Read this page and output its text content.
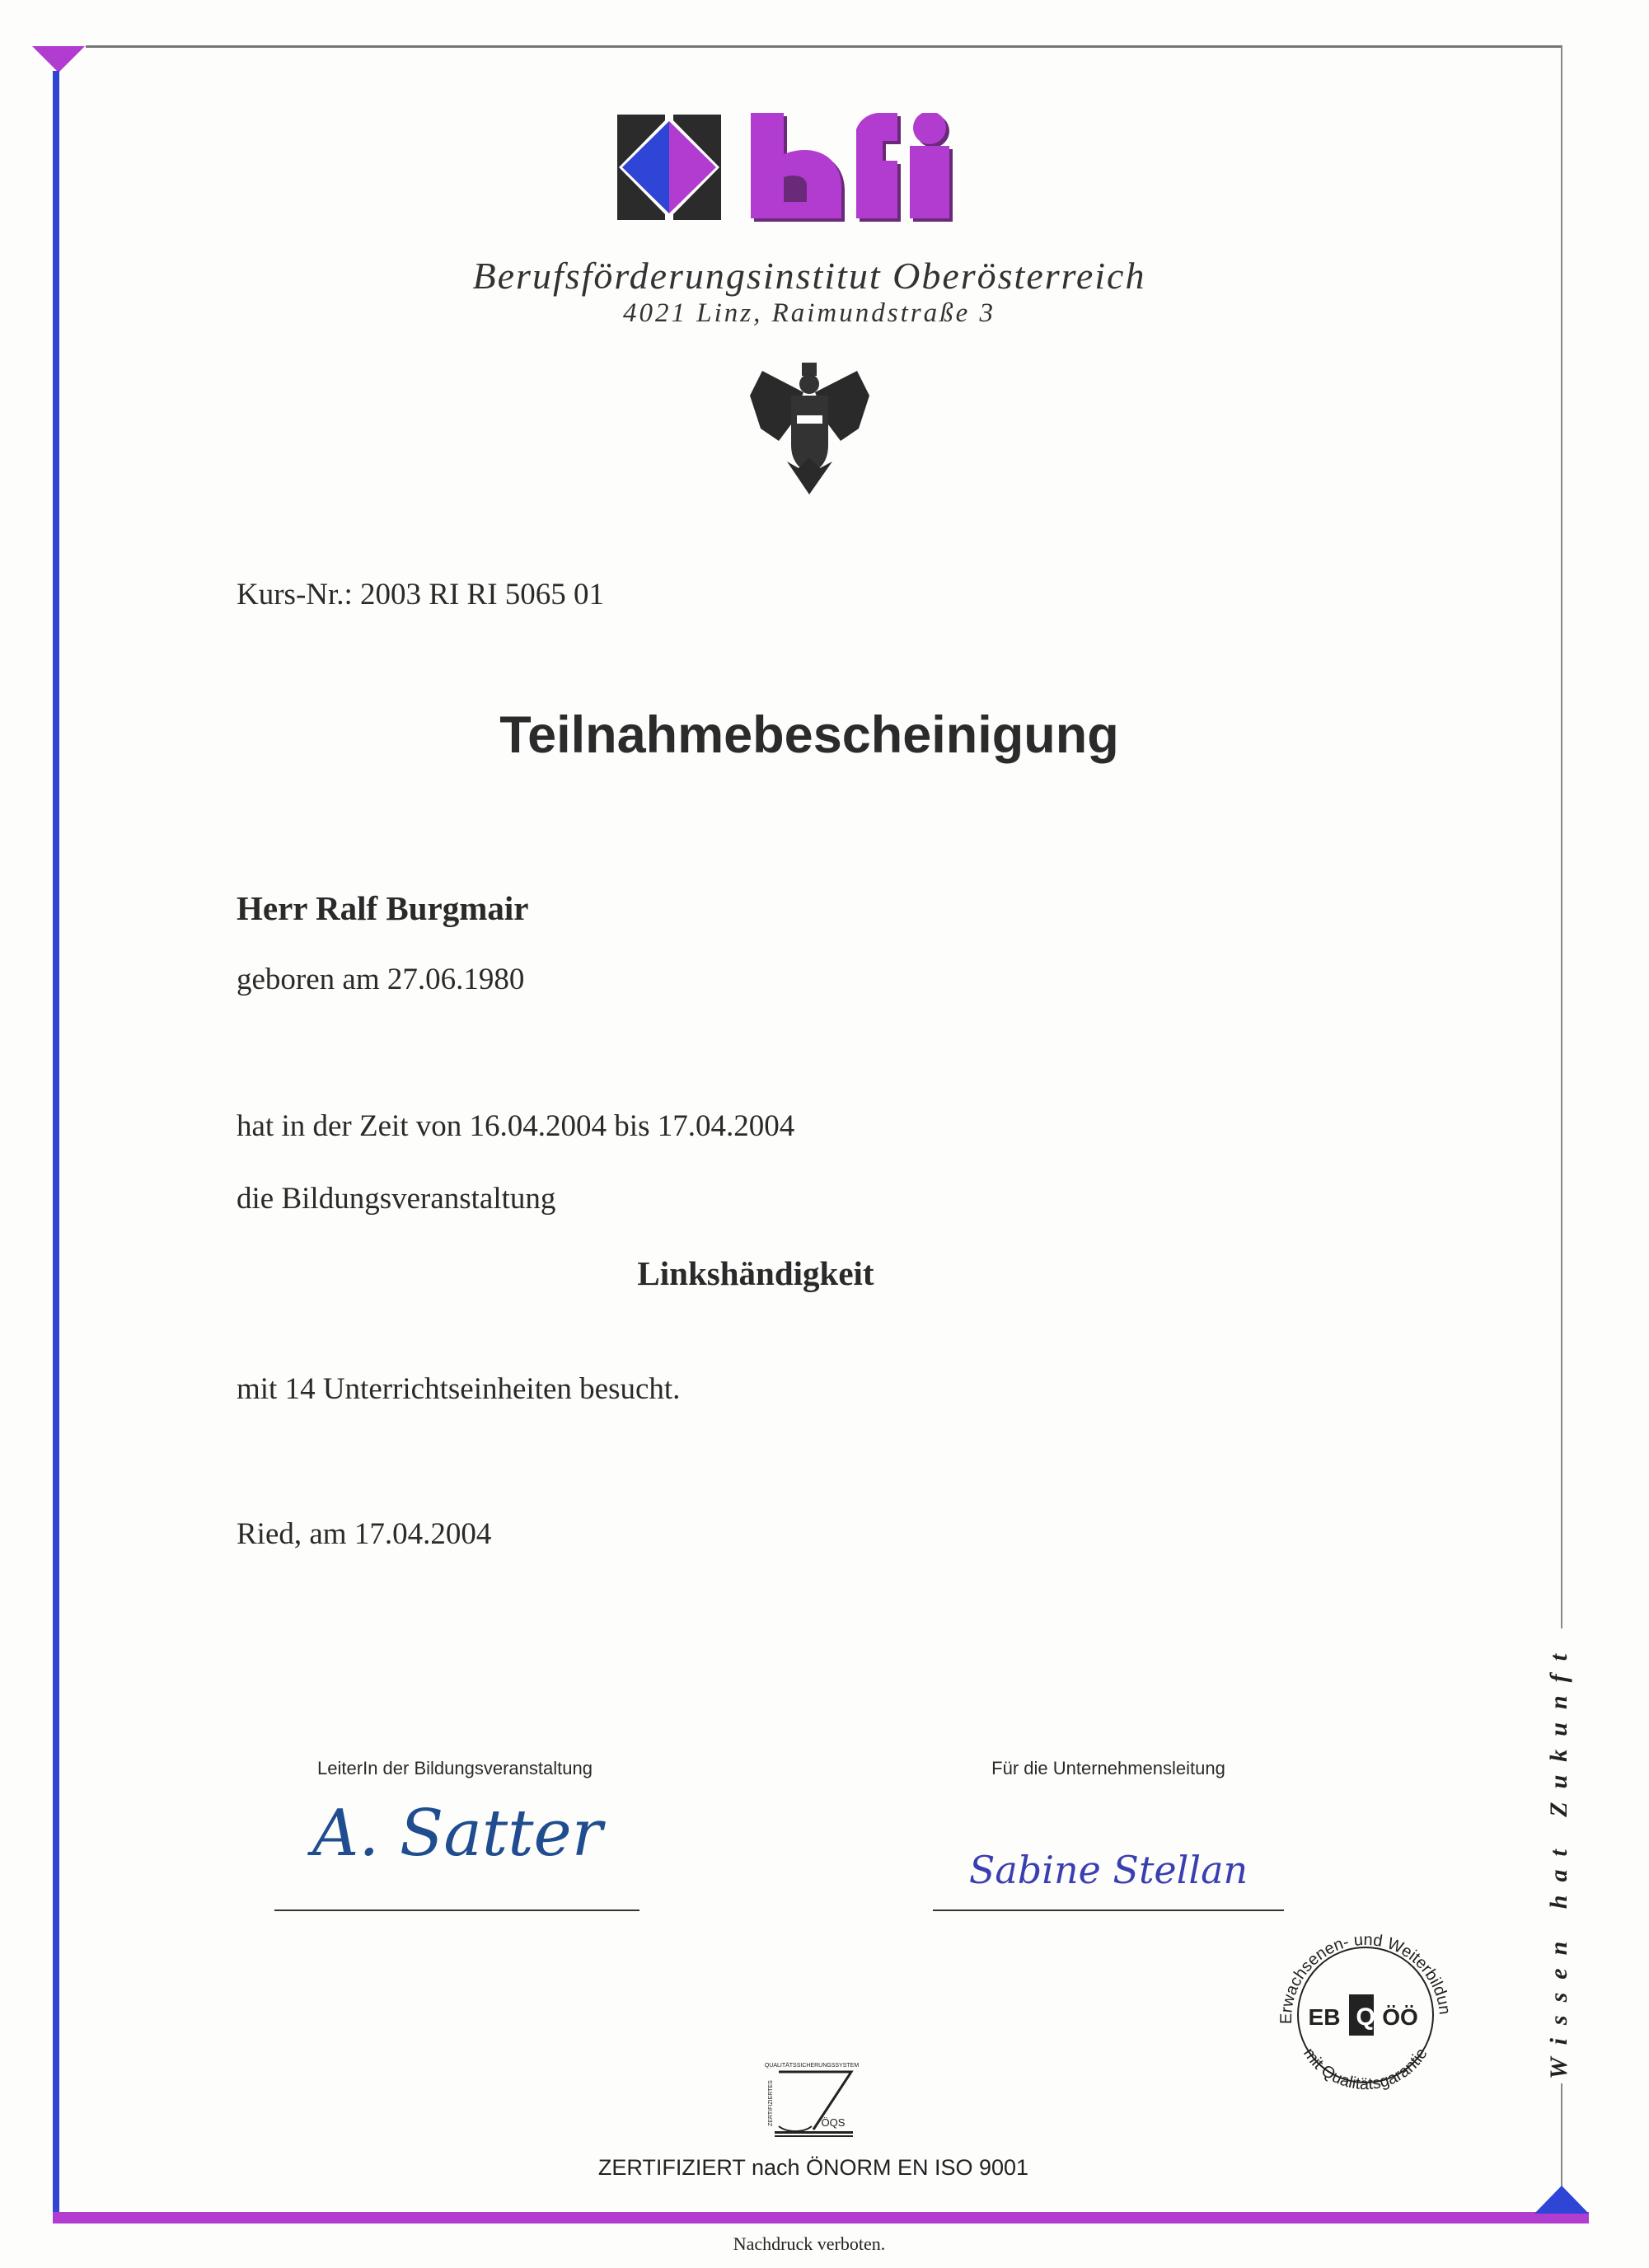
Berufsförderungsinstitut Oberösterreich
4021 Linz, Raimundstraße 3
Kurs-Nr.: 2003 RI RI 5065 01
Teilnahmebescheinigung
Herr Ralf Burgmair
geboren am 27.06.1980
hat in der Zeit von 16.04.2004 bis 17.04.2004
die Bildungsveranstaltung
Linkshändigkeit
mit 14 Unterrichtseinheiten besucht.
Ried, am 17.04.2004
LeiterIn der Bildungsveranstaltung
A. Satter
Für die Unternehmensleitung
Sabine Stellan
Erwachsenen- und Weiterbildun
mit Qualitätsgarantie
Q
EB ÖÖ
QUALITÄTSSICHERUNGSSYSTEM
ZERTIFIZIERTES	ÖQS
ZERTIFIZIERT nach ÖNORM EN ISO 9001
Wissen hat Zukunft
Nachdruck verboten.
